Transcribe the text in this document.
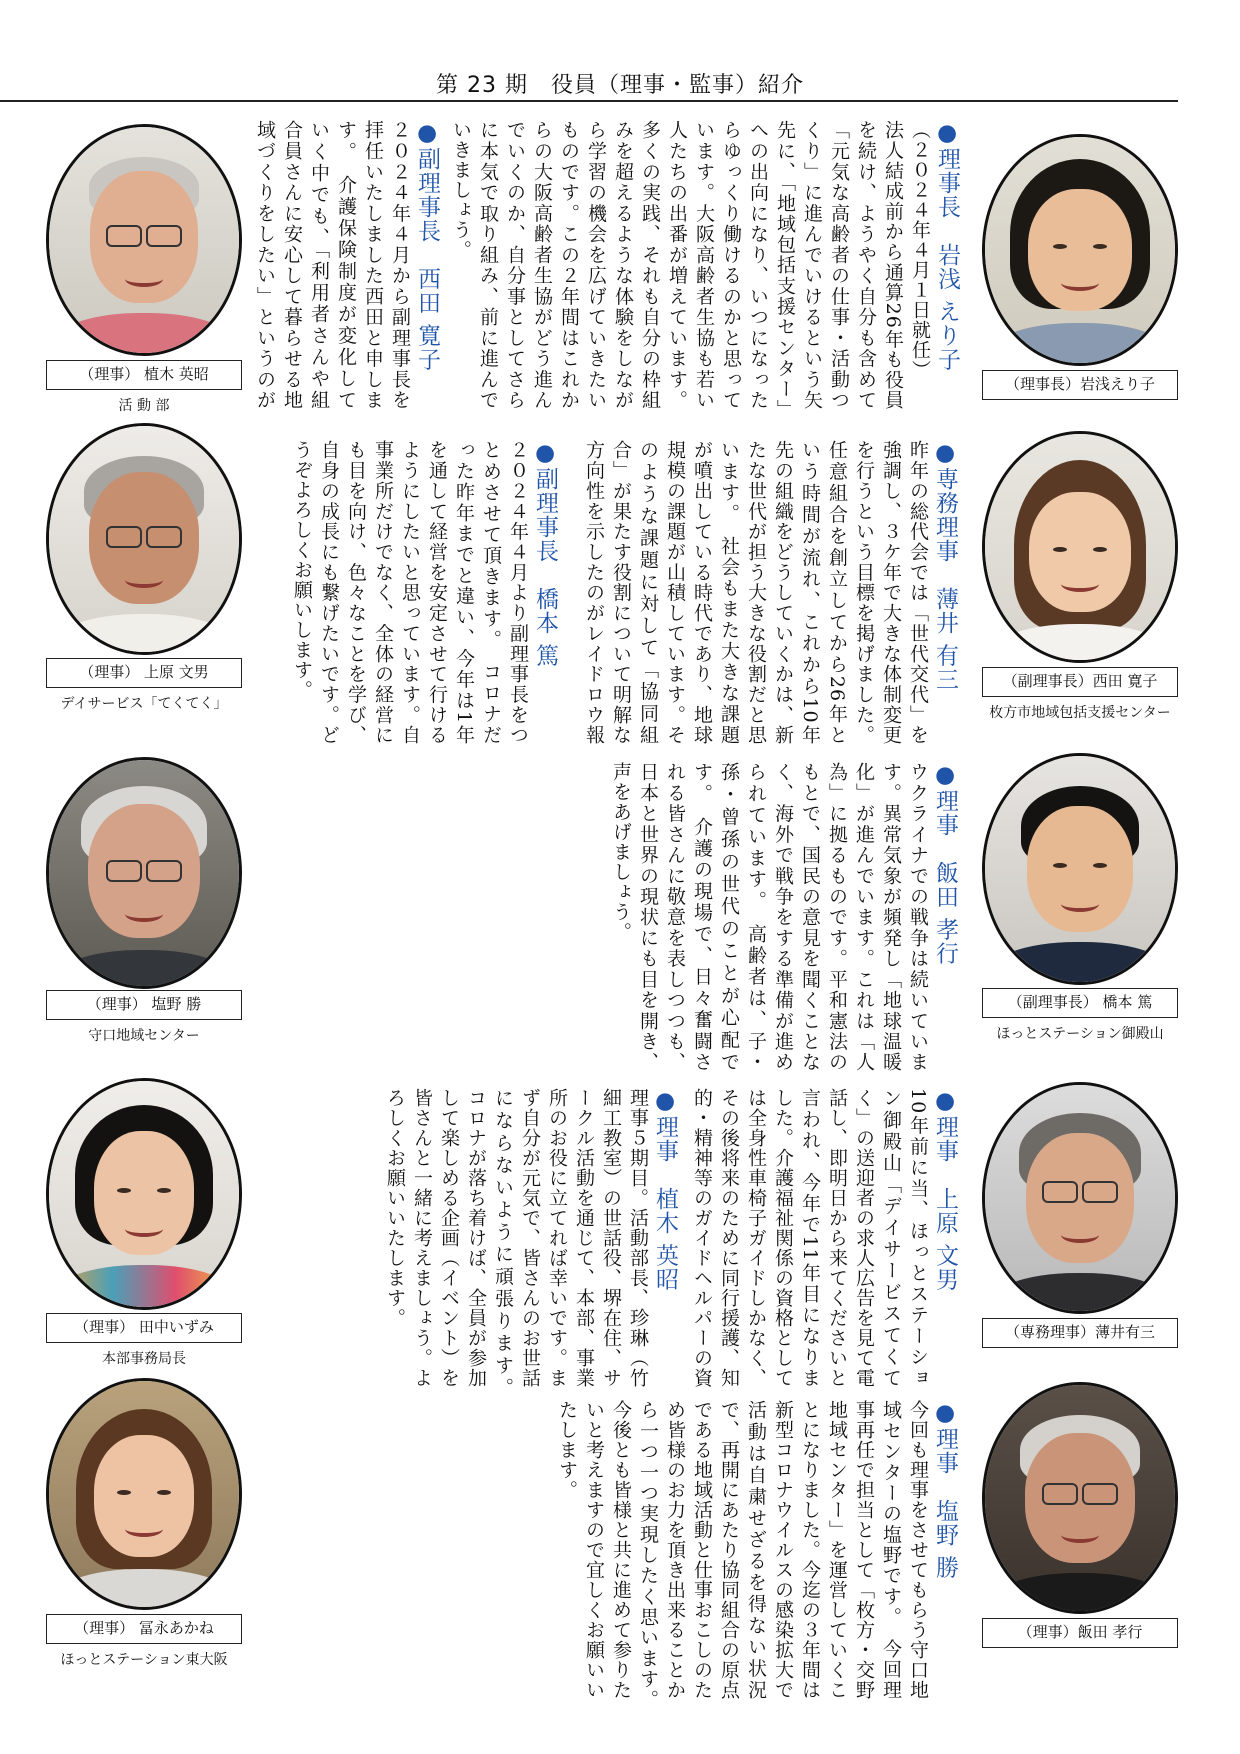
第 23 期　役員（理事・監事）紹介
（理事長）岩浅えり子
（副理事長）西田 寛子
枚方市地域包括支援センター
（副理事長） 橋本 篤
ほっとステーション御殿山
（専務理事）薄井有三
（理事）飯田 孝行
（理事） 植木 英昭
活 動 部
（理事） 上原 文男
デイサービス「てくてく」
（理事） 塩野 勝
守口地域センター
（理事） 田中いずみ
本部事務局長
（理事） 冨永あかね
ほっとステーション東大阪

● 理事長　岩浅 えり子

（２０２４年４月１日就任）

法人結成前から通算26年も役員を続け、ようやく自分も含めて「元気な高齢者の仕事・活動つくり」に進んでいけるという矢先に、「地域包括支援センター」への出向になり、いつになったらゆっくり働けるのかと思っています。大阪高齢者生協も若い人たちの出番が増えています。多くの実践、それも自分の枠組みを超えるような体験をしながら学習の機会を広げていきたいものです。この２年間はこれからの大阪高齢者生協がどう進んでいくのか、自分事としてさらに本気で取り組み、前に進んでいきましょう。

● 副理事長　西田 寛子

２０２４年４月から副理事長を拝任いたしました西田と申します。　介護保険制度が変化していく中でも、「利用者さんや組合員さんに安心して暮らせる地域づくりをしたい」というのが

● 副理事長　橋本 篤

２０２４年４月より副理事長をつとめさせて頂きます。　コロナだった昨年までと違い、今年は1年を通して経営を安定させて行けるようにしたいと思っています。自事業所だけでなく、全体の経営にも目を向け、色々なことを学び、自身の成長にも繋げたいです。どうぞよろしくお願いします。	● 専務理事　薄井 有三

昨年の総代会では「世代交代」を強調し、３ケ年で大きな体制変更を行うという目標を掲げました。任意組合を創立してから26年という時間が流れ、これから10年先の組織をどうしていくかは、新たな世代が担う大きな役割だと思います。　社会もまた大きな課題が噴出している時代であり、地球規模の課題が山積しています。そのような課題に対して「協同組合」が果たす役割について明解な方向性を示したのがレイドロウ報

● 理事　飯田 孝行

ウクライナでの戦争は続いています。異常気象が頻発し「地球温暖化」が進んでいます。これは「人為」に拠るものです。平和憲法のもとで、国民の意見を聞くことなく、海外で戦争をする準備が進められています。　高齢者は、子・孫・曾孫の世代のことが心配です。　介護の現場で、日々奮闘される皆さんに敬意を表しつつも、日本と世界の現状にも目を開き、声をあげましょう。

● 理事　植木 英昭

理事５期目。活動部長、珍琳（竹細工教室）の世話役、堺在住、サークル活動を通じて、本部、事業所のお役に立てれば幸いです。まず自分が元気で、皆さんのお世話にならないように頑張ります。　コロナが落ち着けば、全員が参加して楽しめる企画（イベント）を皆さんと一緒に考えましょう。よろしくお願いいたします。	● 理事　上原 文男

10年前に当、ほっとステーション御殿山「デイサービスてくてく」の送迎者の求人広告を見て電話し、即明日から来てくださいと言われ、今年で11年目になりました。介護福祉関係の資格としては全身性車椅子ガイドしかなく、その後将来のために同行援護、知的・精神等のガイドヘルパーの資

● 理事　塩野 勝

今回も理事をさせてもらう守口地域センターの塩野です。　今回理事再任で担当として「枚方・交野地域センター」を運営していくことになりました。今迄の３年間は新型コロナウイルスの感染拡大で活動は自粛せざるを得ない状況で、再開にあたり協同組合の原点である地域活動と仕事おこしのため皆様のお力を頂き出来ることから一つ一つ実現したく思います。　今後とも皆様と共に進めて参りたいと考えますので宜しくお願いいたします。
